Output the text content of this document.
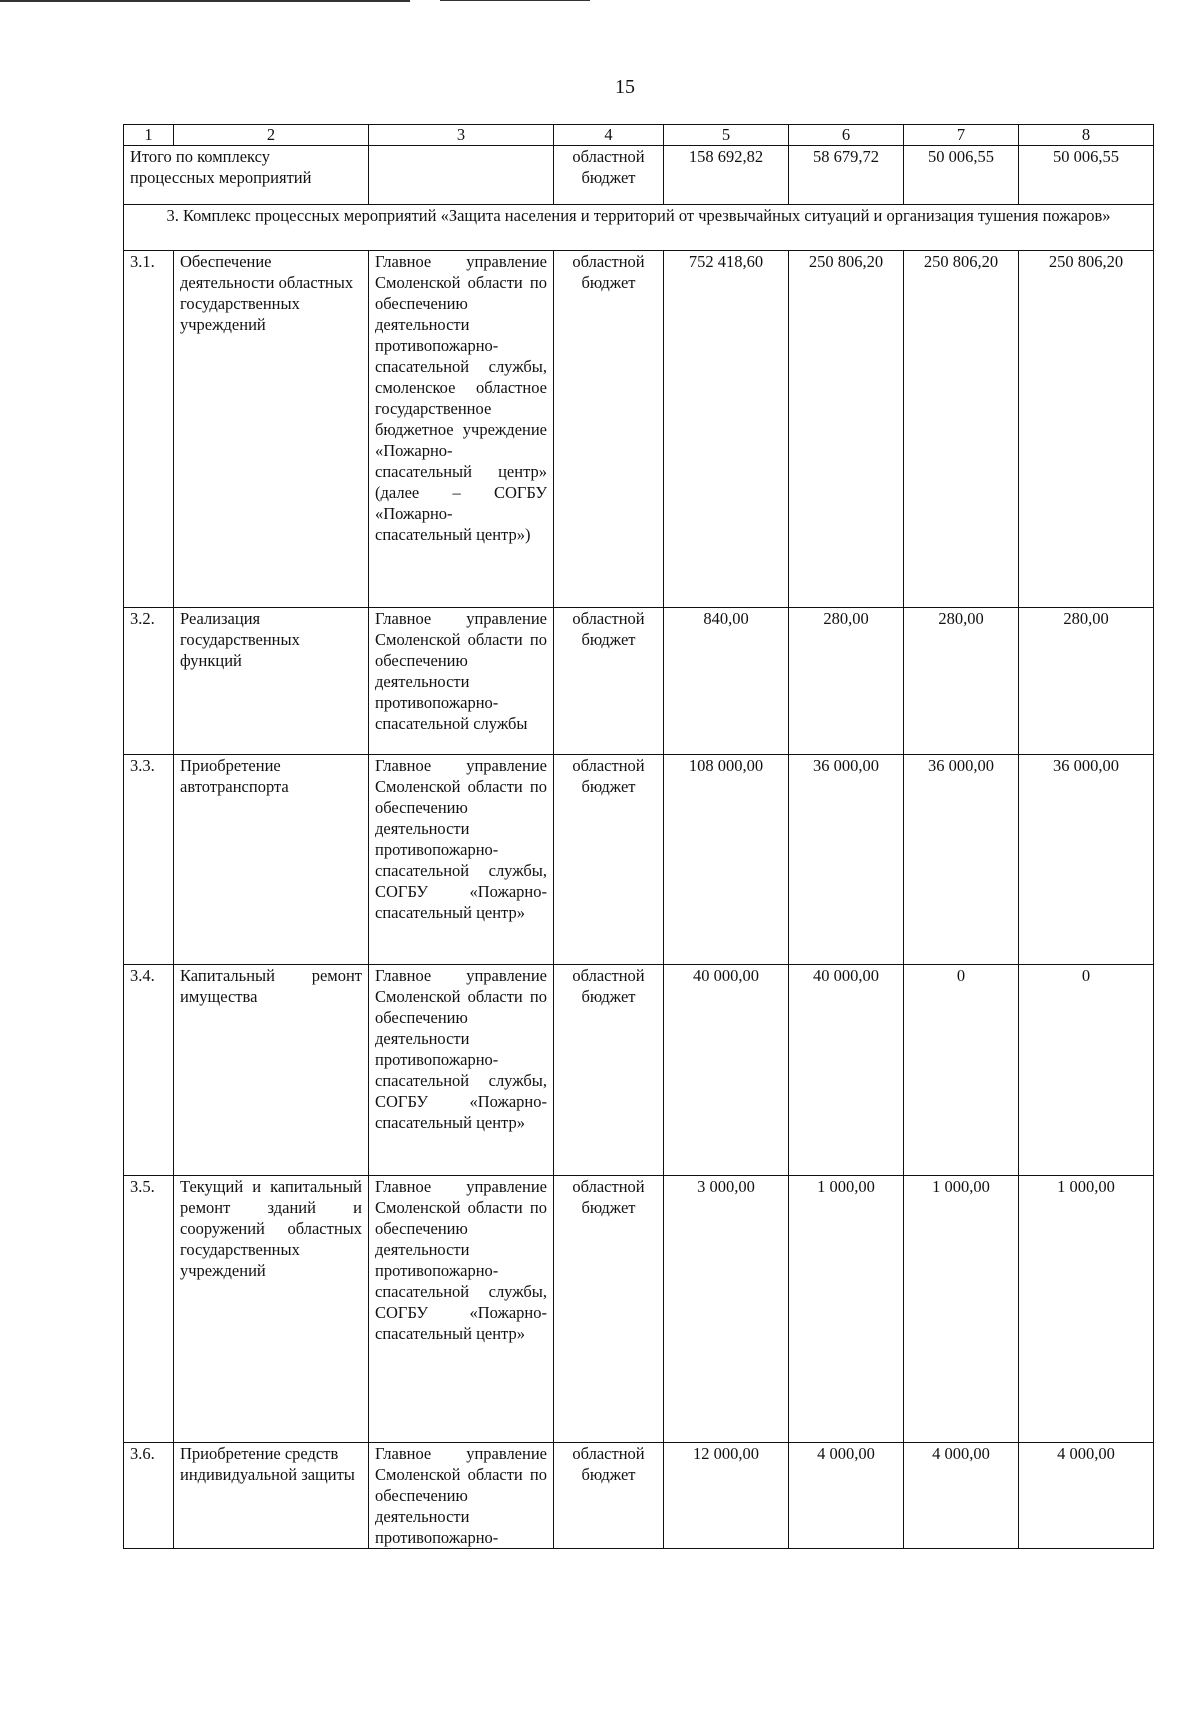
15
1	2	3	4	5	6	7	8

Итого по комплексу
процессных мероприятий			областной бюджет	158 692,82	58 679,72	50 006,55	50 006,55
3. Комплекс процессных мероприятий «Защита населения и территорий от чрезвычайных ситуаций и организация тушения пожаров»							
3.1.	Обеспечение деятельности областных государственных учреждений	Главное управление Смоленской области по обеспечению деятельности противопожарно-спасательной службы, смоленское областное государственное бюджетное учреждение «Пожарно-спасательный центр» (далее – СОГБУ «Пожарно-спасательный центр»)	областной бюджет	752 418,60	250 806,20	250 806,20	250 806,20
3.2.	Реализация государственных функций	Главное управление Смоленской области по обеспечению деятельности противопожарно-спасательной службы	областной бюджет	840,00	280,00	280,00	280,00
3.3.	Приобретение автотранспорта	Главное управление Смоленской области по обеспечению деятельности противопожарно-спасательной службы, СОГБУ «Пожарно-спасательный центр»	областной бюджет	108 000,00	36 000,00	36 000,00	36 000,00
3.4.	Капитальный ремонт имущества	Главное управление Смоленской области по обеспечению деятельности противопожарно-спасательной службы, СОГБУ «Пожарно-спасательный центр»	областной бюджет	40 000,00	40 000,00	0	0
3.5.	Текущий и капитальный ремонт зданий и сооружений областных государственных учреждений	Главное управление Смоленской области по обеспечению деятельности противопожарно-спасательной службы, СОГБУ «Пожарно-спасательный центр»	областной бюджет	3 000,00	1 000,00	1 000,00	1 000,00
3.6.	Приобретение средств индивидуальной защиты	Главное управление Смоленской области по обеспечению деятельности противопожарно-	областной бюджет	12 000,00	4 000,00	4 000,00	4 000,00
